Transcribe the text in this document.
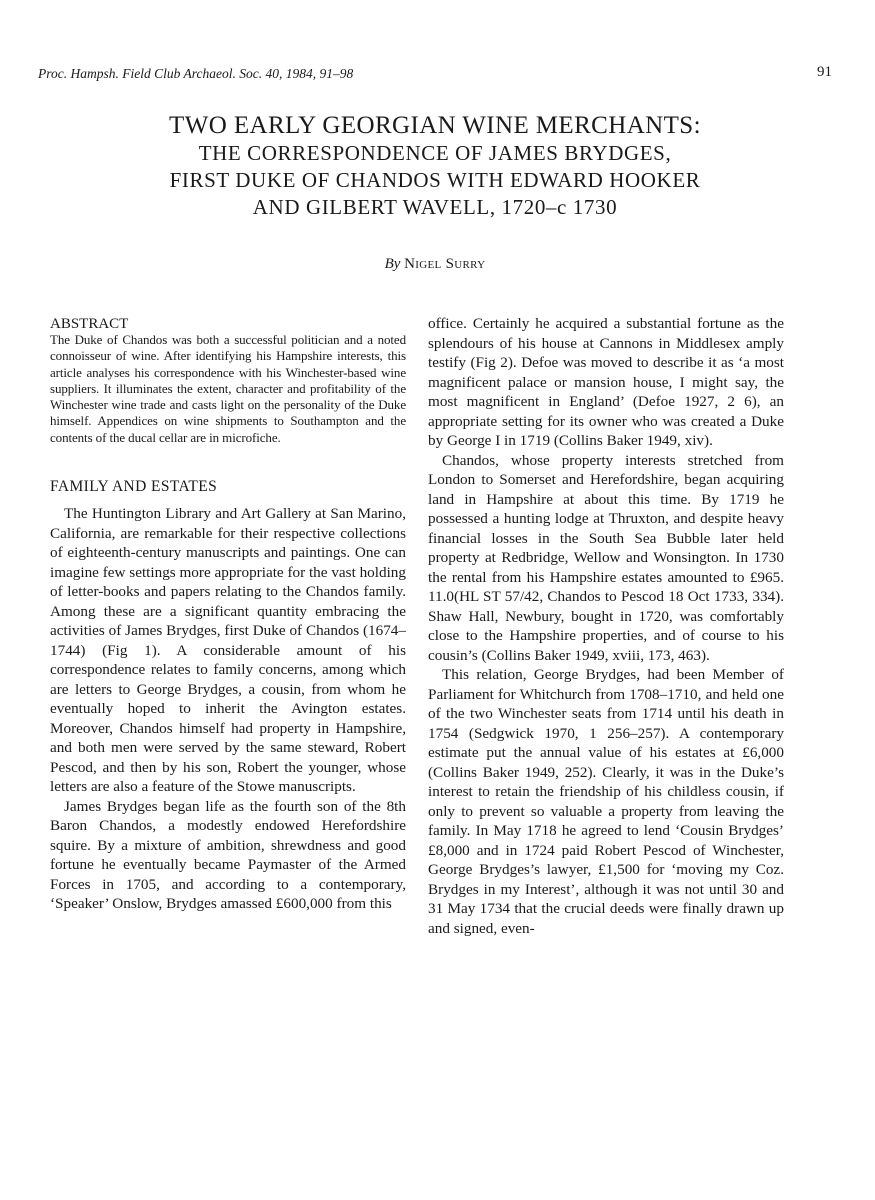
Proc. Hampsh. Field Club Archaeol. Soc. 40, 1984, 91–98	91
TWO EARLY GEORGIAN WINE MERCHANTS:
THE CORRESPONDENCE OF JAMES BRYDGES,
FIRST DUKE OF CHANDOS WITH EDWARD HOOKER
AND GILBERT WAVELL, 1720–c 1730
By Nigel Surry
ABSTRACT

The Duke of Chandos was both a successful politician and a noted connoisseur of wine. After identifying his Hampshire interests, this article analyses his correspondence with his Winchester-based wine suppliers. It illuminates the extent, character and profitability of the Winchester wine trade and casts light on the personality of the Duke himself. Appendices on wine shipments to Southampton and the contents of the ducal cellar are in microfiche.

FAMILY AND ESTATES

The Huntington Library and Art Gallery at San Marino, California, are remarkable for their respective collections of eighteenth-century manuscripts and paintings. One can imagine few settings more appropriate for the vast holding of letter-books and papers relating to the Chandos family. Among these are a significant quantity embracing the activities of James Brydges, first Duke of Chandos (1674–1744) (Fig 1). A considerable amount of his correspondence relates to family concerns, among which are letters to George Brydges, a cousin, from whom he eventually hoped to inherit the Avington estates. Moreover, Chandos himself had property in Hampshire, and both men were served by the same steward, Robert Pescod, and then by his son, Robert the younger, whose letters are also a feature of the Stowe manuscripts.

James Brydges began life as the fourth son of the 8th Baron Chandos, a modestly endowed Herefordshire squire. By a mixture of ambition, shrewdness and good fortune he eventually became Paymaster of the Armed Forces in 1705, and according to a contemporary, ‘Speaker’ Onslow, Brydges amassed £600,000 from this

office. Certainly he acquired a substantial fortune as the splendours of his house at Cannons in Middlesex amply testify (Fig 2). Defoe was moved to describe it as ‘a most magnificent palace or mansion house, I might say, the most magnificent in England’ (Defoe 1927, 2 6), an appropriate setting for its owner who was created a Duke by George I in 1719 (Collins Baker 1949, xiv).

Chandos, whose property interests stretched from London to Somerset and Herefordshire, began acquiring land in Hampshire at about this time. By 1719 he possessed a hunting lodge at Thruxton, and despite heavy financial losses in the South Sea Bubble later held property at Redbridge, Wellow and Wonsington. In 1730 the rental from his Hampshire estates amounted to £965. 11.0(HL ST 57/42, Chandos to Pescod 18 Oct 1733, 334). Shaw Hall, Newbury, bought in 1720, was comfortably close to the Hampshire properties, and of course to his cousin’s (Collins Baker 1949, xviii, 173, 463).

This relation, George Brydges, had been Member of Parliament for Whitchurch from 1708–1710, and held one of the two Winchester seats from 1714 until his death in 1754 (Sedgwick 1970, 1 256–257). A contemporary estimate put the annual value of his estates at £6,000 (Collins Baker 1949, 252). Clearly, it was in the Duke’s interest to retain the friendship of his childless cousin, if only to prevent so valuable a property from leaving the family. In May 1718 he agreed to lend ‘Cousin Brydges’ £8,000 and in 1724 paid Robert Pescod of Winchester, George Brydges’s lawyer, £1,500 for ‘moving my Coz. Brydges in my Interest’, although it was not until 30 and 31 May 1734 that the crucial deeds were finally drawn up and signed, even-
